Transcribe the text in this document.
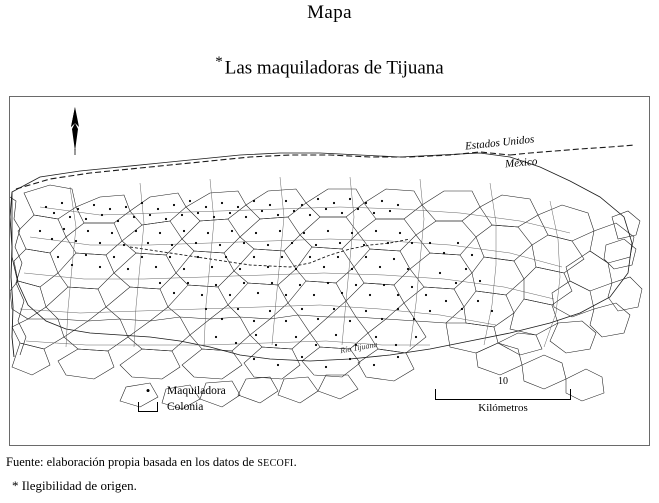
Mapa
* Las maquiladoras de Tijuana
Estados Unidos
México
Río Tijuana
•	Maquiladora
Colonia
10
Kilómetros
Fuente: elaboración propia basada en los datos de SECOFI.
* Ilegibilidad de origen.
